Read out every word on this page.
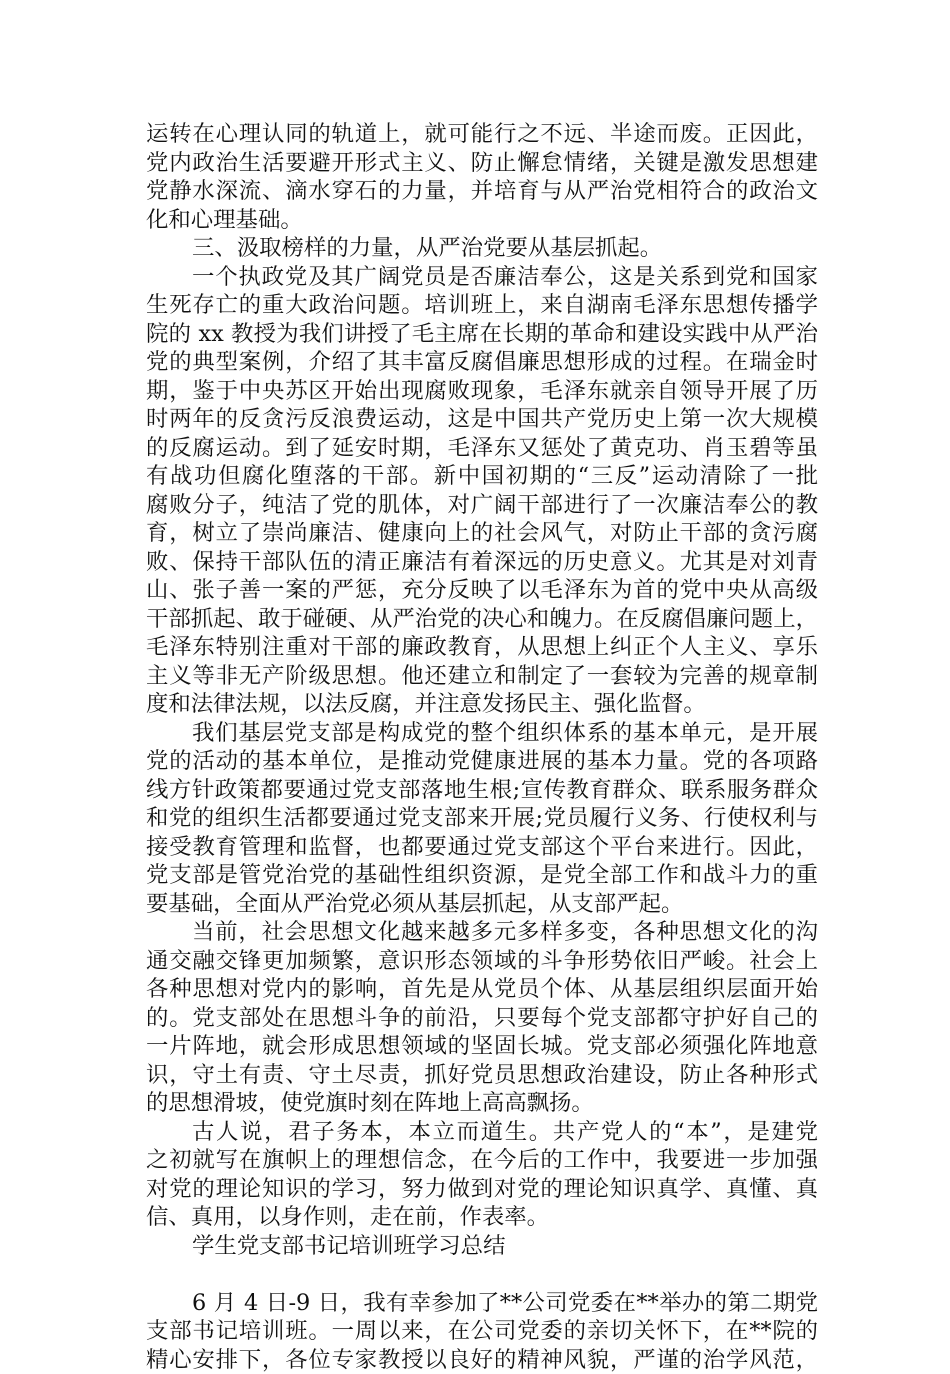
运转在心理认同的轨道上，就可能行之不远、半途而废。正因此，
党内政治生活要避开形式主义、防止懈怠情绪，关键是激发思想建
党静水深流、滴水穿石的力量，并培育与从严治党相符合的政治文
化和心理基础。
三、汲取榜样的力量，从严治党要从基层抓起。
一个执政党及其广阔党员是否廉洁奉公，这是关系到党和国家
生死存亡的重大政治问题。培训班上，来自湖南毛泽东思想传播学
院的 xx 教授为我们讲授了毛主席在长期的革命和建设实践中从严治
党的典型案例，介绍了其丰富反腐倡廉思想形成的过程。在瑞金时
期，鉴于中央苏区开始出现腐败现象，毛泽东就亲自领导开展了历
时两年的反贪污反浪费运动，这是中国共产党历史上第一次大规模
的反腐运动。到了延安时期，毛泽东又惩处了黄克功、肖玉碧等虽
有战功但腐化堕落的干部。新中国初期的“三反”运动清除了一批
腐败分子，纯洁了党的肌体，对广阔干部进行了一次廉洁奉公的教
育，树立了崇尚廉洁、健康向上的社会风气，对防止干部的贪污腐
败、保持干部队伍的清正廉洁有着深远的历史意义。尤其是对刘青
山、张子善一案的严惩，充分反映了以毛泽东为首的党中央从高级
干部抓起、敢于碰硬、从严治党的决心和魄力。在反腐倡廉问题上，
毛泽东特别注重对干部的廉政教育，从思想上纠正个人主义、享乐
主义等非无产阶级思想。他还建立和制定了一套较为完善的规章制
度和法律法规，以法反腐，并注意发扬民主、强化监督。
我们基层党支部是构成党的整个组织体系的基本单元，是开展
党的活动的基本单位，是推动党健康进展的基本力量。党的各项路
线方针政策都要通过党支部落地生根;宣传教育群众、联系服务群众
和党的组织生活都要通过党支部来开展;党员履行义务、行使权利与
接受教育管理和监督，也都要通过党支部这个平台来进行。因此，
党支部是管党治党的基础性组织资源，是党全部工作和战斗力的重
要基础，全面从严治党必须从基层抓起，从支部严起。
当前，社会思想文化越来越多元多样多变，各种思想文化的沟
通交融交锋更加频繁，意识形态领域的斗争形势依旧严峻。社会上
各种思想对党内的影响，首先是从党员个体、从基层组织层面开始
的。党支部处在思想斗争的前沿，只要每个党支部都守护好自己的
一片阵地，就会形成思想领域的坚固长城。党支部必须强化阵地意
识，守土有责、守土尽责，抓好党员思想政治建设，防止各种形式
的思想滑坡，使党旗时刻在阵地上高高飘扬。
古人说，君子务本，本立而道生。共产党人的“本”，是建党
之初就写在旗帜上的理想信念，在今后的工作中，我要进一步加强
对党的理论知识的学习，努力做到对党的理论知识真学、真懂、真
信、真用，以身作则，走在前，作表率。
学生党支部书记培训班学习总结
6 月 4 日-9 日，我有幸参加了**公司党委在**举办的第二期党
支部书记培训班。一周以来，在公司党委的亲切关怀下，在**院的
精心安排下，各位专家教授以良好的精神风貌，严谨的治学风范，
